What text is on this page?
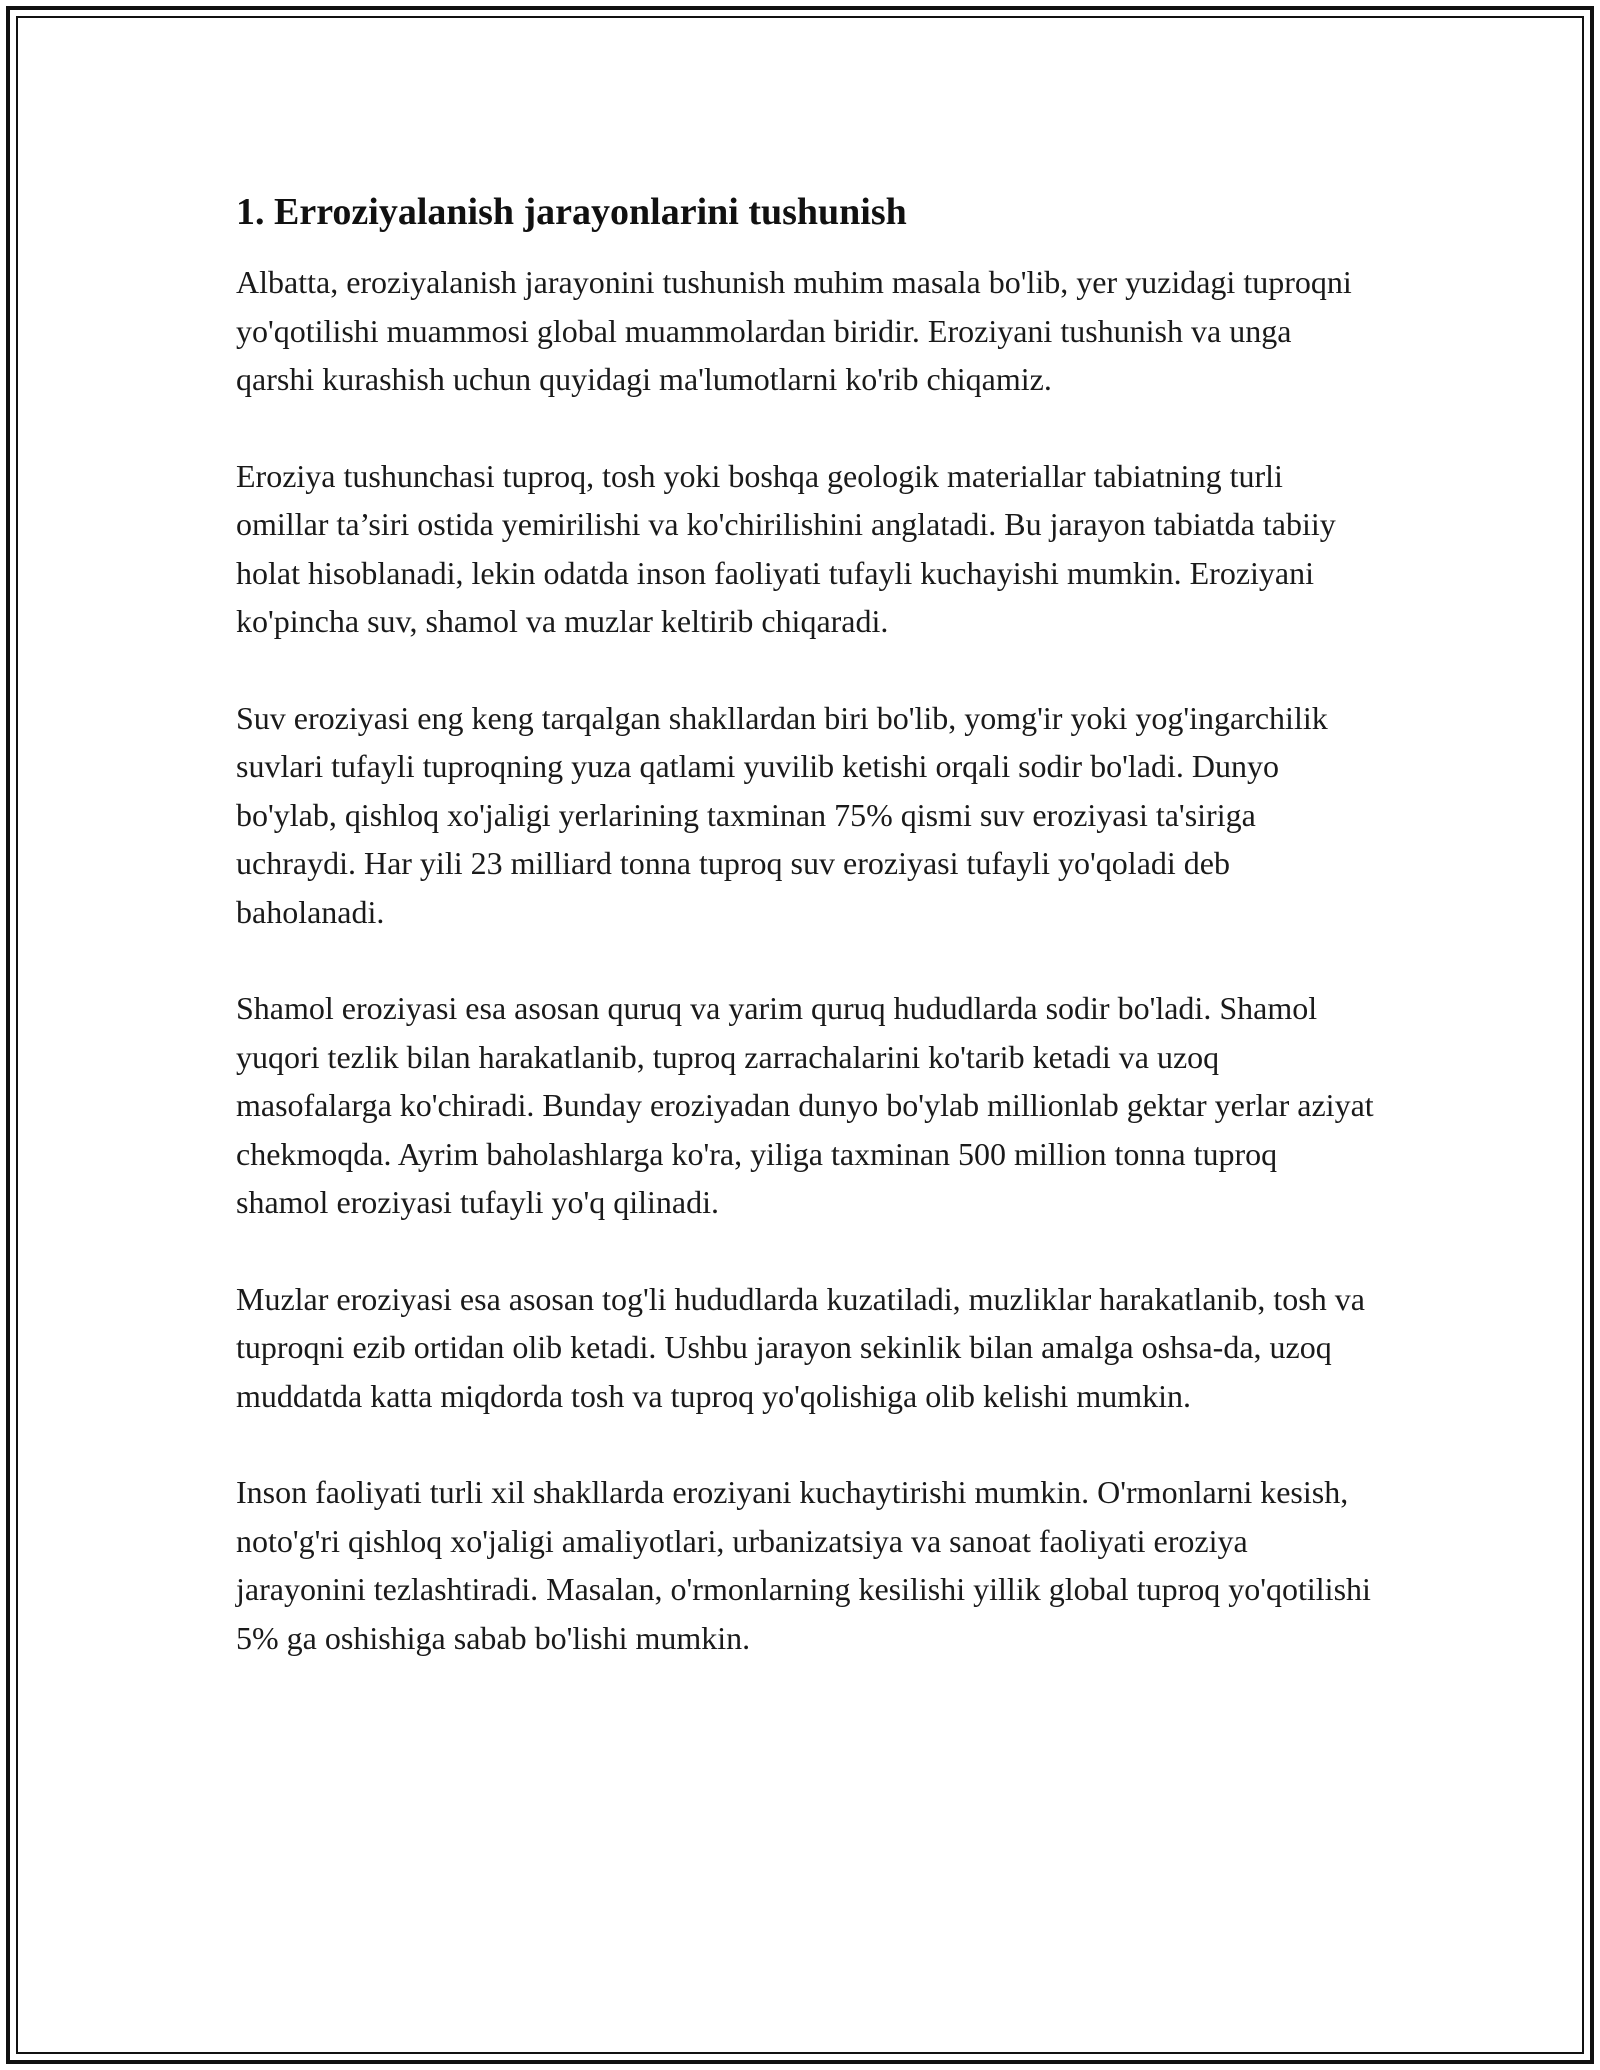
1. Erroziyalanish jarayonlarini tushunish

Albatta, eroziyalanish jarayonini tushunish muhim masala bo'lib, yer yuzidagi tuproqni yo'qotilishi muammosi global muammolardan biridir. Eroziyani tushunish va unga qarshi kurashish uchun quyidagi ma'lumotlarni ko'rib chiqamiz.

Eroziya tushunchasi tuproq, tosh yoki boshqa geologik materiallar tabiatning turli omillar ta’siri ostida yemirilishi va ko'chirilishini anglatadi. Bu jarayon tabiatda tabiiy holat hisoblanadi, lekin odatda inson faoliyati tufayli kuchayishi mumkin. Eroziyani ko'pincha suv, shamol va muzlar keltirib chiqaradi.

Suv eroziyasi eng keng tarqalgan shakllardan biri bo'lib, yomg'ir yoki yog'ingarchilik suvlari tufayli tuproqning yuza qatlami yuvilib ketishi orqali sodir bo'ladi. Dunyo bo'ylab, qishloq xo'jaligi yerlarining taxminan 75% qismi suv eroziyasi ta'siriga uchraydi. Har yili 23 milliard tonna tuproq suv eroziyasi tufayli yo'qoladi deb baholanadi.

Shamol eroziyasi esa asosan quruq va yarim quruq hududlarda sodir bo'ladi. Shamol yuqori tezlik bilan harakatlanib, tuproq zarrachalarini ko'tarib ketadi va uzoq masofalarga ko'chiradi. Bunday eroziyadan dunyo bo'ylab millionlab gektar yerlar aziyat chekmoqda. Ayrim baholashlarga ko'ra, yiliga taxminan 500 million tonna tuproq shamol eroziyasi tufayli yo'q qilinadi.

Muzlar eroziyasi esa asosan tog'li hududlarda kuzatiladi, muzliklar harakatlanib, tosh va tuproqni ezib ortidan olib ketadi. Ushbu jarayon sekinlik bilan amalga oshsa-da, uzoq muddatda katta miqdorda tosh va tuproq yo'qolishiga olib kelishi mumkin.

Inson faoliyati turli xil shakllarda eroziyani kuchaytirishi mumkin. O'rmonlarni kesish, noto'g'ri qishloq xo'jaligi amaliyotlari, urbanizatsiya va sanoat faoliyati eroziya jarayonini tezlashtiradi. Masalan, o'rmonlarning kesilishi yillik global tuproq yo'qotilishi 5% ga oshishiga sabab bo'lishi mumkin.
